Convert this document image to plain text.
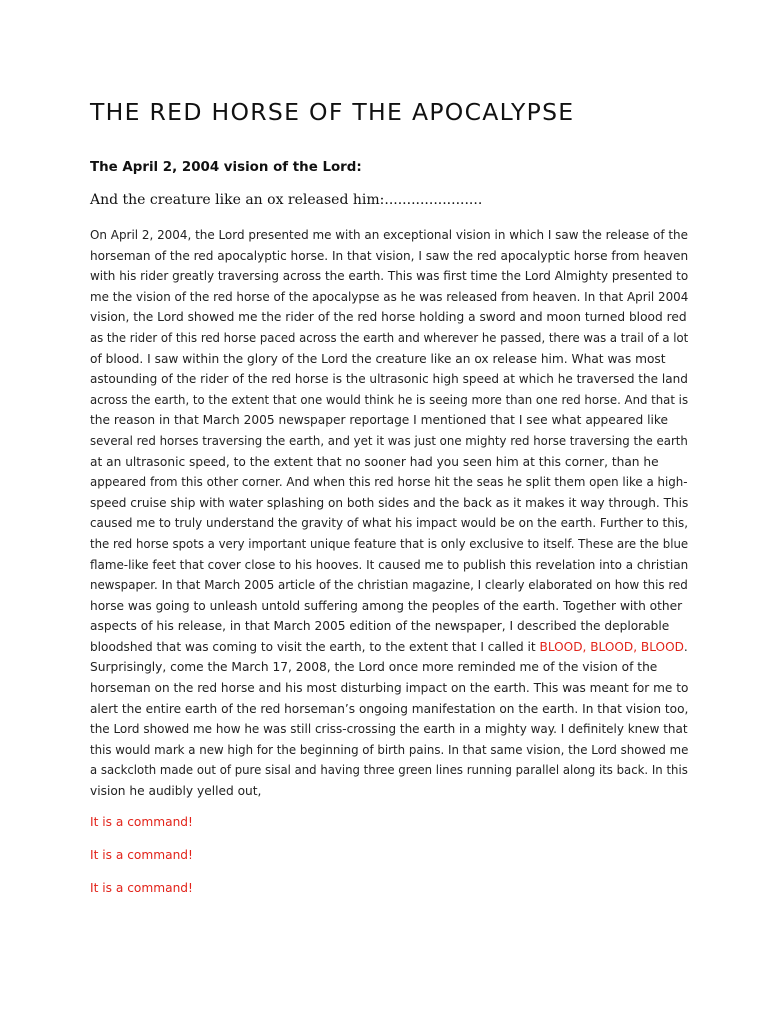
THE RED HORSE OF THE APOCALYPSE
The April 2, 2004 vision of the Lord:
And the creature like an ox released him:......................
On April 2, 2004, the Lord presented me with an exceptional vision in which I saw the release of the
horseman of the red apocalyptic horse. In that vision, I saw the red apocalyptic horse from heaven
with his rider greatly traversing across the earth. This was first time the Lord Almighty presented to
me the vision of the red horse of the apocalypse as he was released from heaven. In that April 2004
vision, the Lord showed me the rider of the red horse holding a sword and moon turned blood red
as the rider of this red horse paced across the earth and wherever he passed, there was a trail of a lot
of blood. I saw within the glory of the Lord the creature like an ox release him. What was most
astounding of the rider of the red horse is the ultrasonic high speed at which he traversed the land
across the earth, to the extent that one would think he is seeing more than one red horse. And that is
the reason in that March 2005 newspaper reportage I mentioned that I see what appeared like
several red horses traversing the earth, and yet it was just one mighty red horse traversing the earth
at an ultrasonic speed, to the extent that no sooner had you seen him at this corner, than he
appeared from this other corner. And when this red horse hit the seas he split them open like a high-
speed cruise ship with water splashing on both sides and the back as it makes it way through. This
caused me to truly understand the gravity of what his impact would be on the earth. Further to this,
the red horse spots a very important unique feature that is only exclusive to itself. These are the blue
flame-like feet that cover close to his hooves. It caused me to publish this revelation into a christian
newspaper. In that March 2005 article of the christian magazine, I clearly elaborated on how this red
horse was going to unleash untold suffering among the peoples of the earth. Together with other
aspects of his release, in that March 2005 edition of the newspaper, I described the deplorable
bloodshed that was coming to visit the earth, to the extent that I called it BLOOD, BLOOD, BLOOD.
Surprisingly, come the March 17, 2008, the Lord once more reminded me of the vision of the
horseman on the red horse and his most disturbing impact on the earth. This was meant for me to
alert the entire earth of the red horseman’s ongoing manifestation on the earth. In that vision too,
the Lord showed me how he was still criss-crossing the earth in a mighty way. I definitely knew that
this would mark a new high for the beginning of birth pains. In that same vision, the Lord showed me
a sackcloth made out of pure sisal and having three green lines running parallel along its back. In this
vision he audibly yelled out,
It is a command!
It is a command!
It is a command!
